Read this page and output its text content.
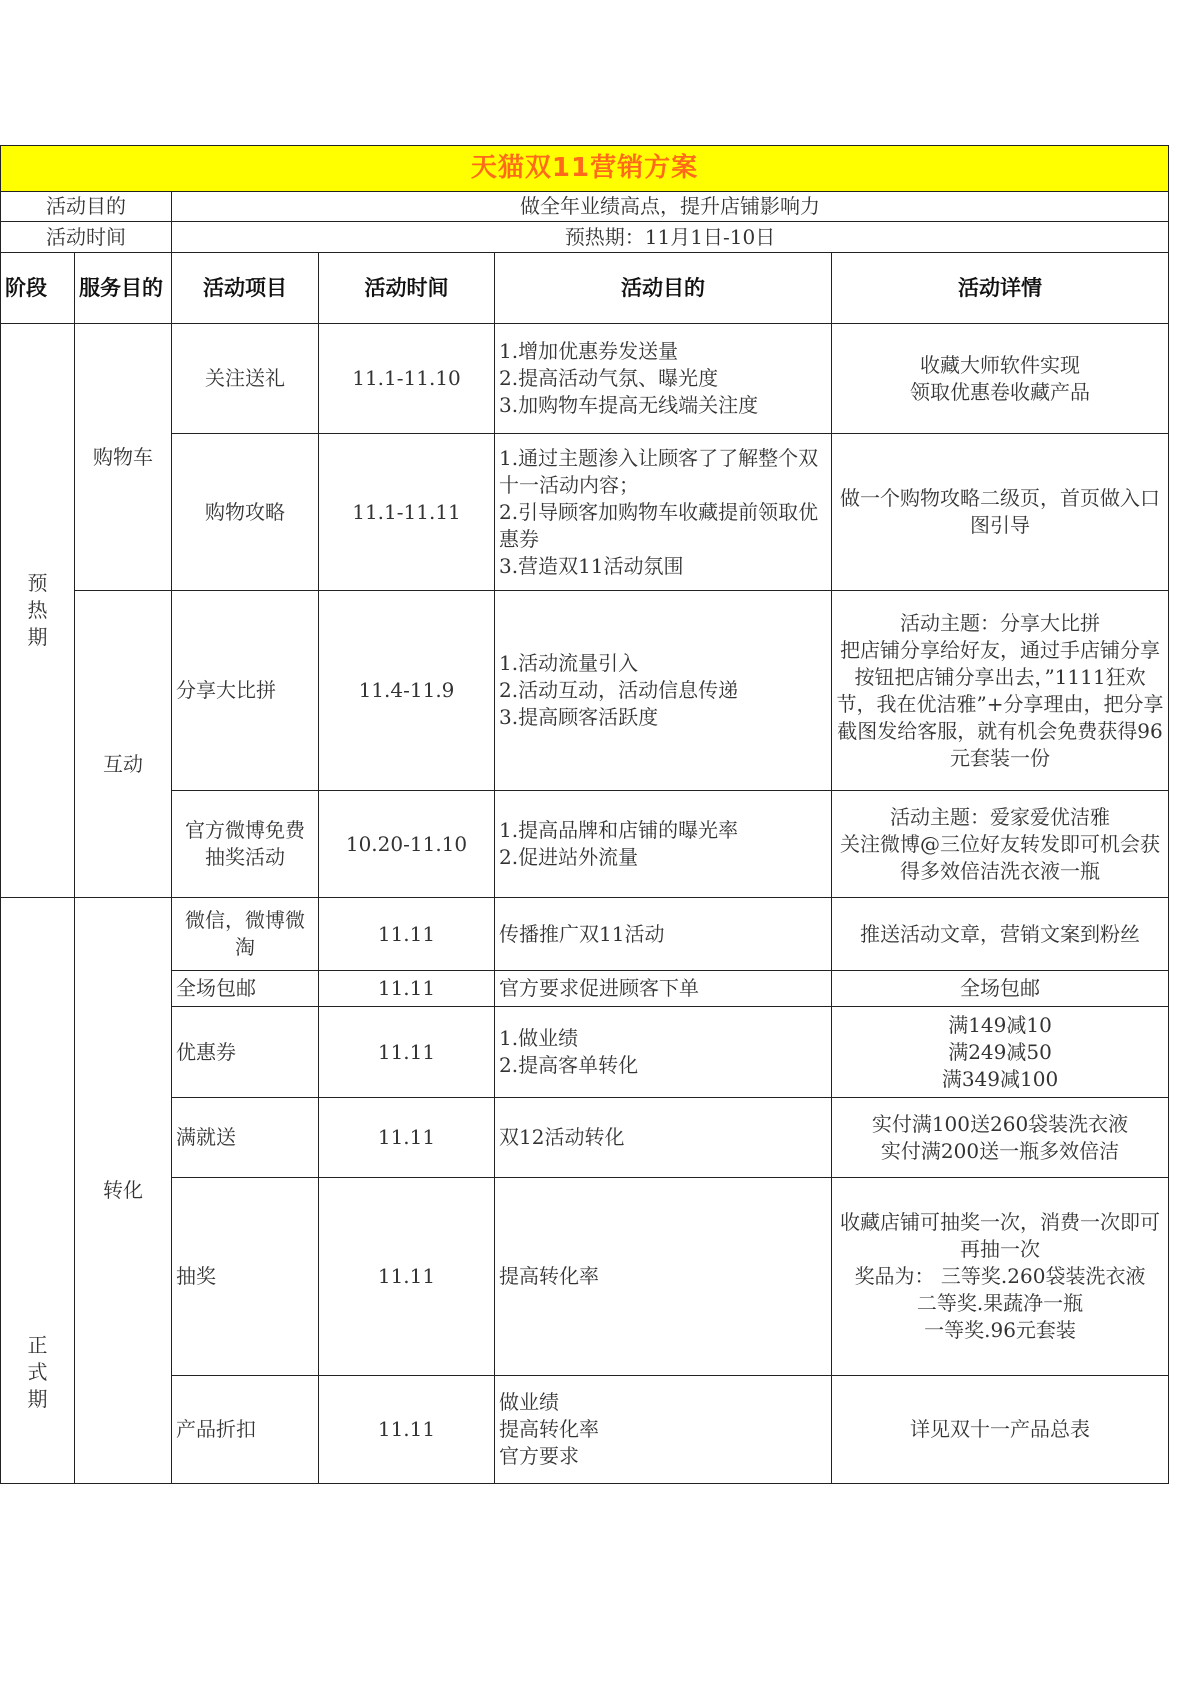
天猫双11营销方案					
活动目的		做全年业绩高点，提升店铺影响力			
活动时间		预热期：11月1日-10日			
阶段	服务目的	活动项目	活动时间	活动目的	活动详情
预
热
期	购物车	关注送礼	11.1-11.10	1.增加优惠券发送量
2.提高活动气氛、曝光度
3.加购物车提高无线端关注度	收藏大师软件实现
领取优惠卷收藏产品
		购物攻略	11.1-11.11	1.通过主题渗入让顾客了了解整个双十一活动内容；
2.引导顾客加购物车收藏提前领取优惠券
3.营造双11活动氛围	做一个购物攻略二级页，首页做入口图引导
	互动	分享大比拼	11.4-11.9	1.活动流量引入
2.活动互动，活动信息传递
3.提高顾客活跃度	活动主题：分享大比拼
把店铺分享给好友，通过手店铺分享按钮把店铺分享出去，”1111狂欢节，我在优洁雅”+分享理由，把分享截图发给客服，就有机会免费获得96元套装一份
		官方微博免费抽奖活动	10.20-11.10	1.提高品牌和店铺的曝光率
2.促进站外流量	活动主题：爱家爱优洁雅
关注微博@三位好友转发即可机会获得多效倍洁洗衣液一瓶
正
式
期	转化	微信，微博微淘	11.11	传播推广双11活动	推送活动文章，营销文案到粉丝
		全场包邮	11.11	官方要求促进顾客下单	全场包邮
		优惠券	11.11	1.做业绩
2.提高客单转化	满149减10
满249减50
满349减100
		满就送	11.11	双12活动转化	实付满100送260袋装洗衣液
实付满200送一瓶多效倍洁
		抽奖	11.11	提高转化率	收藏店铺可抽奖一次，消费一次即可再抽一次
奖品为： 三等奖.260袋装洗衣液
二等奖.果蔬净一瓶
一等奖.96元套装
		产品折扣	11.11	做业绩
提高转化率
官方要求	详见双十一产品总表
